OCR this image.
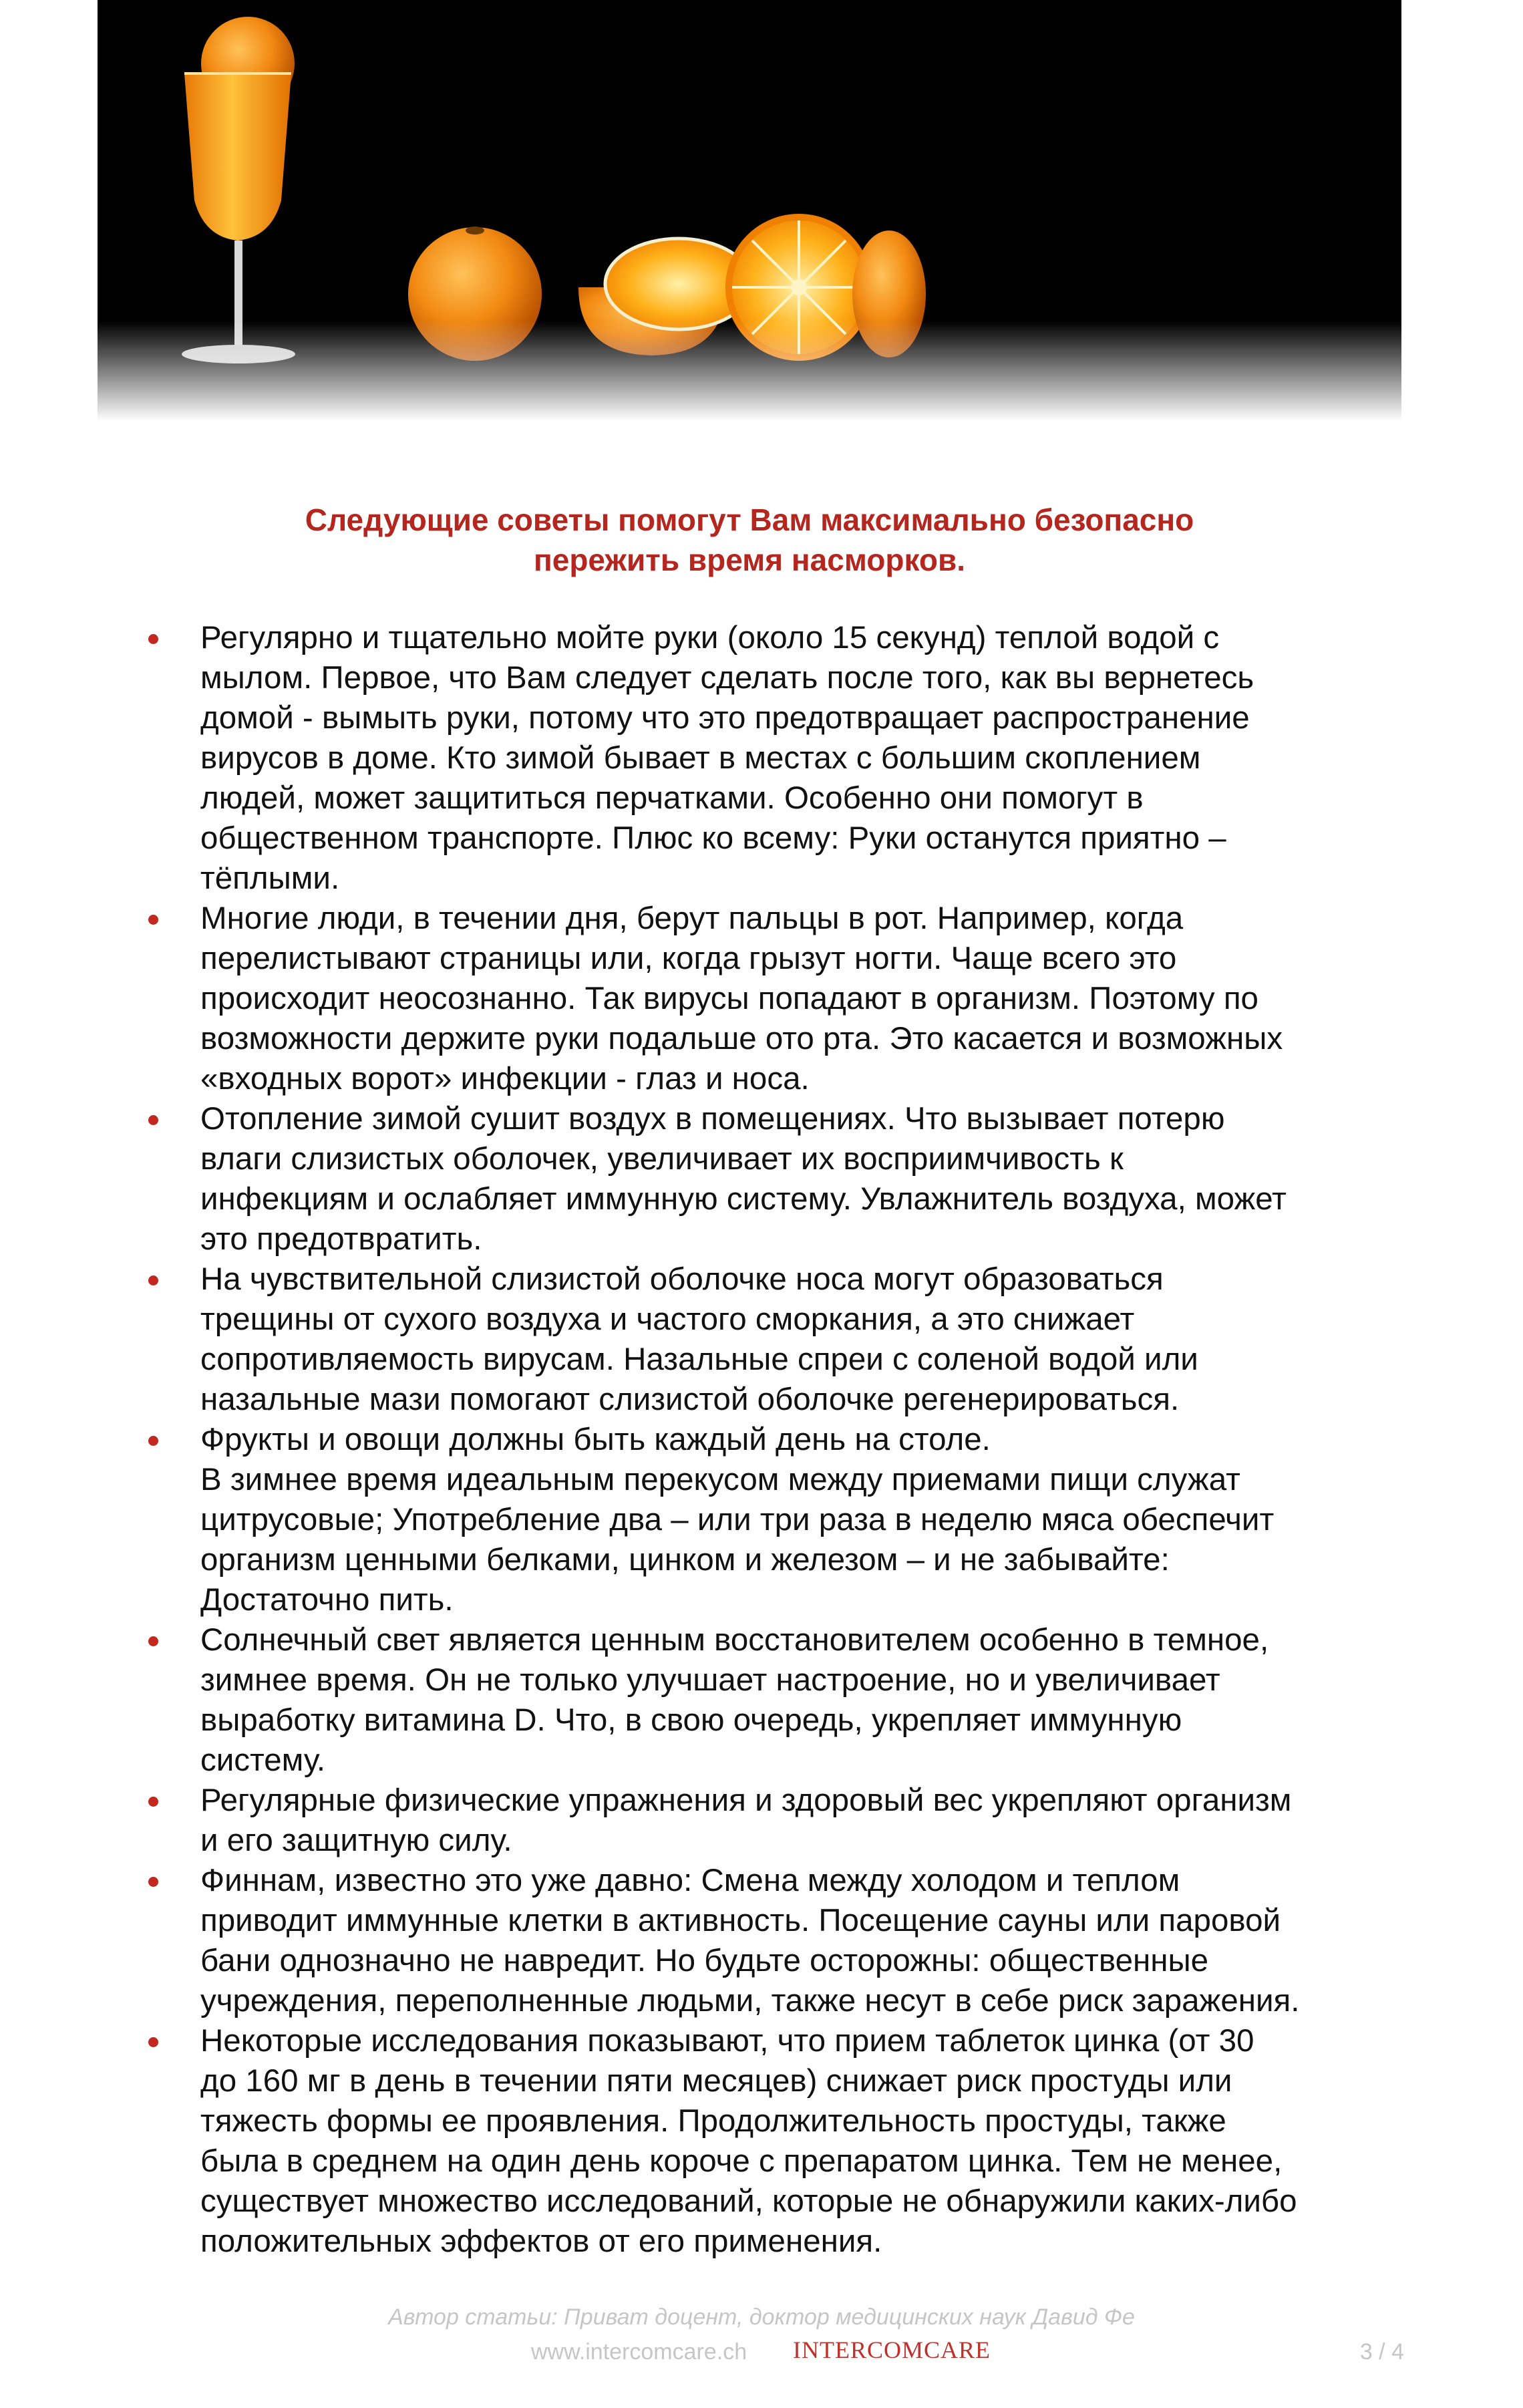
Следующие советы помогут Вам максимально безопасно
пережить время насморков.
Регулярно и тщательно мойте руки (около 15 секунд) теплой водой с
мылом. Первое, что Вам следует сделать после того, как вы вернетесь
домой - вымыть руки, потому что это предотвращает распространение
вирусов в доме. Кто зимой бывает в местах с большим скоплением
людей, может защититься перчатками. Особенно они помогут в
общественном транспорте. Плюс ко всему: Руки останутся приятно –
тёплыми.
Многие люди, в течении дня, берут пальцы в рот. Например, когда
перелистывают страницы или, когда грызут ногти. Чаще всего это
происходит неосознанно. Так вирусы попадают в организм. Поэтому по
возможности держите руки подальше ото рта. Это касается и возможных
«входных ворот» инфекции - глаз и носа.
Отопление зимой сушит воздух в помещениях. Что вызывает потерю
влаги слизистых оболочек, увеличивает их восприимчивость к
инфекциям и ослабляет иммунную систему. Увлажнитель воздуха, может
это предотвратить.
На чувствительной слизистой оболочке носа могут образоваться
трещины от сухого воздуха и частого сморкания, а это снижает
сопротивляемость вирусам. Назальные спреи с соленой водой или
назальные мази помогают слизистой оболочке регенерироваться.
Фрукты и овощи должны быть каждый день на столе.
В зимнее время идеальным перекусом между приемами пищи служат
цитрусовые; Употребление два – или три раза в неделю мяса обеспечит
организм ценными белками, цинком и железом – и не забывайте:
Достаточно пить.
Солнечный свет является ценным восстановителем особенно в темное,
зимнее время. Он не только улучшает настроение, но и увеличивает
выработку витамина D. Что, в свою очередь, укрепляет иммунную
систему.
Регулярные физические упражнения и здоровый вес укрепляют организм
и его защитную силу.
Финнам, известно это уже давно: Смена между холодом и теплом
приводит иммунные клетки в активность. Посещение сауны или паровой
бани однозначно не навредит. Но будьте осторожны: общественные
учреждения, переполненные людьми, также несут в себе риск заражения.
Некоторые исследования показывают, что прием таблеток цинка (от 30
до 160 мг в день в течении пяти месяцев) снижает риск простуды или
тяжесть формы ее проявления. Продолжительность простуды, также
была в среднем на один день короче с препаратом цинка. Тем не менее,
существует множество исследований, которые не обнаружили каких-либо
положительных эффектов от его применения.
Автор статьи: Приват доцент, доктор медицинских наук Давид Фе
www.intercomcare.ch INTERCOMCARE	3 / 4
